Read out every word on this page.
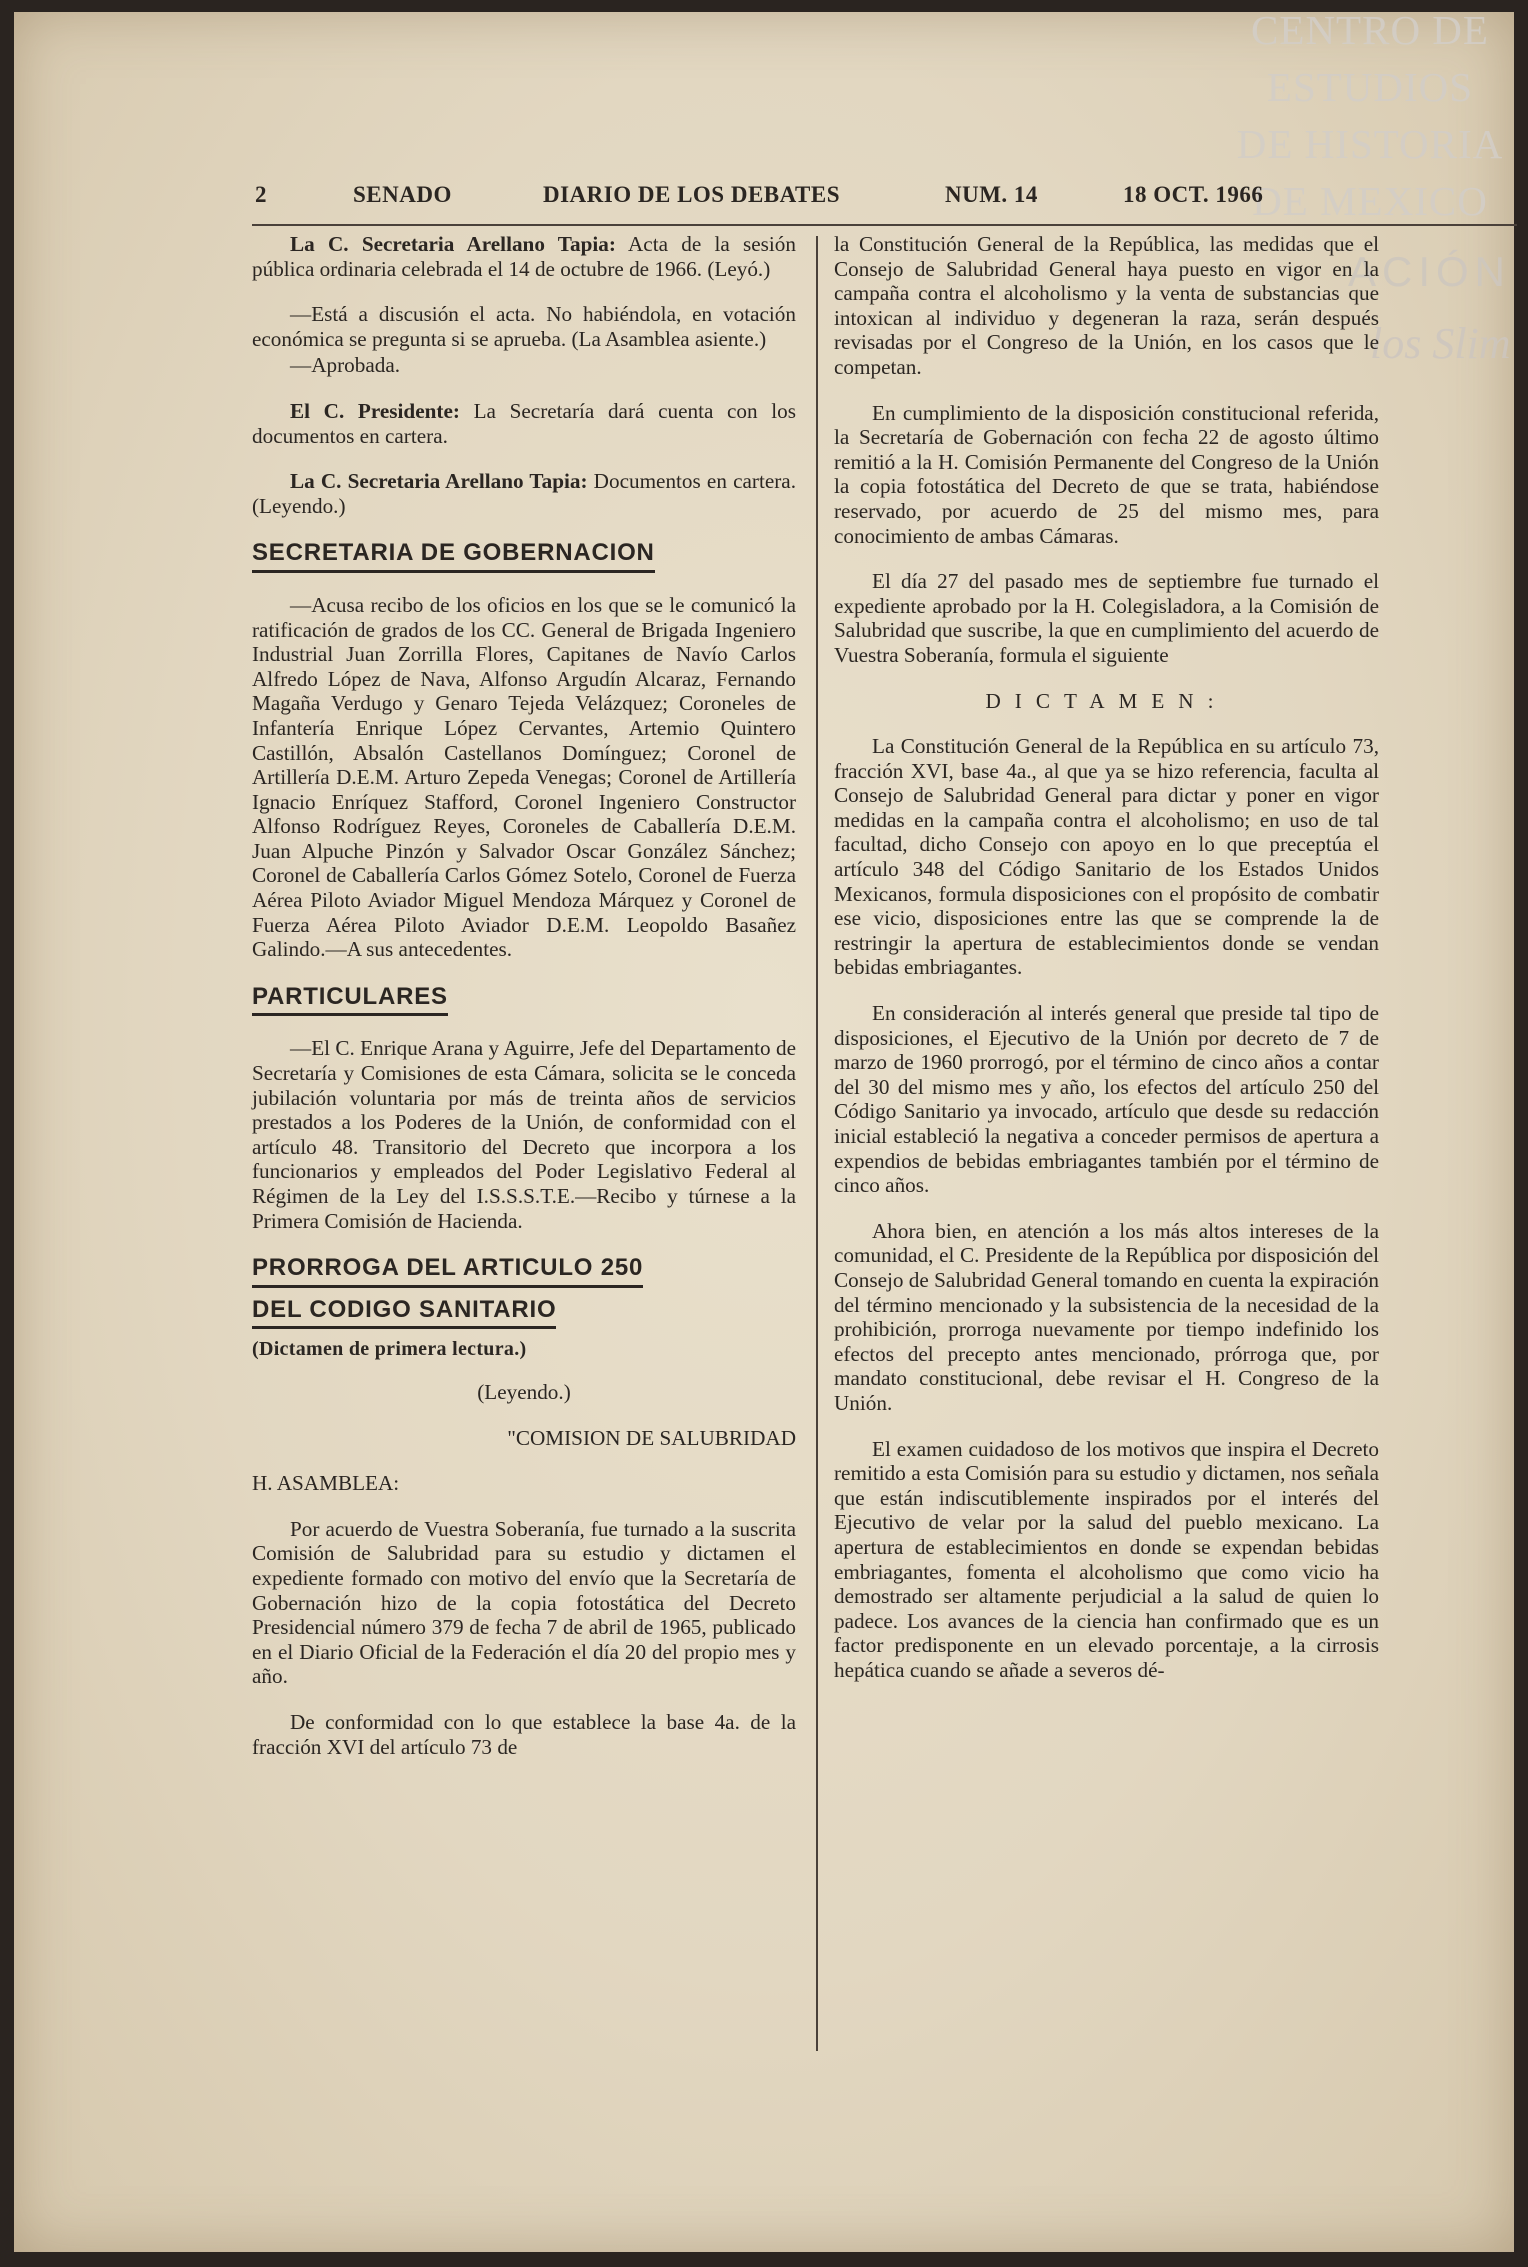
CENTRO DE
ESTUDIOS
DE HISTORIA
DE MEXICO
ACIÓN
los Slim
2	SENADO	DIARIO DE LOS DEBATES	NUM. 14	18 OCT. 1966

La C. Secretaria Arellano Tapia: Acta de la sesión pública ordinaria celebrada el 14 de octubre de 1966. (Leyó.)

—Está a discusión el acta. No habiéndola, en votación económica se pregunta si se aprueba. (La Asamblea asiente.)

—Aprobada.

El C. Presidente: La Secretaría dará cuenta con los documentos en cartera.

La C. Secretaria Arellano Tapia: Documentos en cartera. (Leyendo.)

SECRETARIA DE GOBERNACION

—Acusa recibo de los oficios en los que se le comunicó la ratificación de grados de los CC. General de Brigada Ingeniero Industrial Juan Zorrilla Flores, Capitanes de Navío Carlos Alfredo López de Nava, Alfonso Argudín Alcaraz, Fernando Magaña Verdugo y Genaro Tejeda Velázquez; Coroneles de Infantería Enrique López Cervantes, Artemio Quintero Castillón, Absalón Castellanos Domínguez; Coronel de Artillería D.E.M. Arturo Zepeda Venegas; Coronel de Artillería Ignacio Enríquez Stafford, Coronel Ingeniero Constructor Alfonso Rodríguez Reyes, Coroneles de Caballería D.E.M. Juan Alpuche Pinzón y Salvador Oscar González Sánchez; Coronel de Caballería Carlos Gómez Sotelo, Coronel de Fuerza Aérea Piloto Aviador Miguel Mendoza Márquez y Coronel de Fuerza Aérea Piloto Aviador D.E.M. Leopoldo Basañez Galindo.—A sus antecedentes.

PARTICULARES

—El C. Enrique Arana y Aguirre, Jefe del Departamento de Secretaría y Comisiones de esta Cámara, solicita se le conceda jubilación voluntaria por más de treinta años de servicios prestados a los Poderes de la Unión, de conformidad con el artículo 48. Transitorio del Decreto que incorpora a los funcionarios y empleados del Poder Legislativo Federal al Régimen de la Ley del I.S.S.S.T.E.—Recibo y túrnese a la Primera Comisión de Hacienda.

PRORROGA DEL ARTICULO 250
DEL CODIGO SANITARIO
(Dictamen de primera lectura.)

(Leyendo.)

"COMISION DE SALUBRIDAD

H. ASAMBLEA:

Por acuerdo de Vuestra Soberanía, fue turnado a la suscrita Comisión de Salubridad para su estudio y dictamen el expediente formado con motivo del envío que la Secretaría de Gobernación hizo de la copia fotostática del Decreto Presidencial número 379 de fecha 7 de abril de 1965, publicado en el Diario Oficial de la Federación el día 20 del propio mes y año.

De conformidad con lo que establece la base 4a. de la fracción XVI del artículo 73 de

la Constitución General de la República, las medidas que el Consejo de Salubridad General haya puesto en vigor en la campaña contra el alcoholismo y la venta de substancias que intoxican al individuo y degeneran la raza, serán después revisadas por el Congreso de la Unión, en los casos que le competan.

En cumplimiento de la disposición constitucional referida, la Secretaría de Gobernación con fecha 22 de agosto último remitió a la H. Comisión Permanente del Congreso de la Unión la copia fotostática del Decreto de que se trata, habiéndose reservado, por acuerdo de 25 del mismo mes, para conocimiento de ambas Cámaras.

El día 27 del pasado mes de septiembre fue turnado el expediente aprobado por la H. Colegisladora, a la Comisión de Salubridad que suscribe, la que en cumplimiento del acuerdo de Vuestra Soberanía, formula el siguiente

DICTAMEN:

La Constitución General de la República en su artículo 73, fracción XVI, base 4a., al que ya se hizo referencia, faculta al Consejo de Salubridad General para dictar y poner en vigor medidas en la campaña contra el alcoholismo; en uso de tal facultad, dicho Consejo con apoyo en lo que preceptúa el artículo 348 del Código Sanitario de los Estados Unidos Mexicanos, formula disposiciones con el propósito de combatir ese vicio, disposiciones entre las que se comprende la de restringir la apertura de establecimientos donde se vendan bebidas embriagantes.

En consideración al interés general que preside tal tipo de disposiciones, el Ejecutivo de la Unión por decreto de 7 de marzo de 1960 prorrogó, por el término de cinco años a contar del 30 del mismo mes y año, los efectos del artículo 250 del Código Sanitario ya invocado, artículo que desde su redacción inicial estableció la negativa a conceder permisos de apertura a expendios de bebidas embriagantes también por el término de cinco años.

Ahora bien, en atención a los más altos intereses de la comunidad, el C. Presidente de la República por disposición del Consejo de Salubridad General tomando en cuenta la expiración del término mencionado y la subsistencia de la necesidad de la prohibición, prorroga nuevamente por tiempo indefinido los efectos del precepto antes mencionado, prórroga que, por mandato constitucional, debe revisar el H. Congreso de la Unión.

El examen cuidadoso de los motivos que inspira el Decreto remitido a esta Comisión para su estudio y dictamen, nos señala que están indiscutiblemente inspirados por el interés del Ejecutivo de velar por la salud del pueblo mexicano. La apertura de establecimientos en donde se expendan bebidas embriagantes, fomenta el alcoholismo que como vicio ha demostrado ser altamente perjudicial a la salud de quien lo padece. Los avances de la ciencia han confirmado que es un factor predisponente en un elevado porcentaje, a la cirrosis hepática cuando se añade a severos dé-
